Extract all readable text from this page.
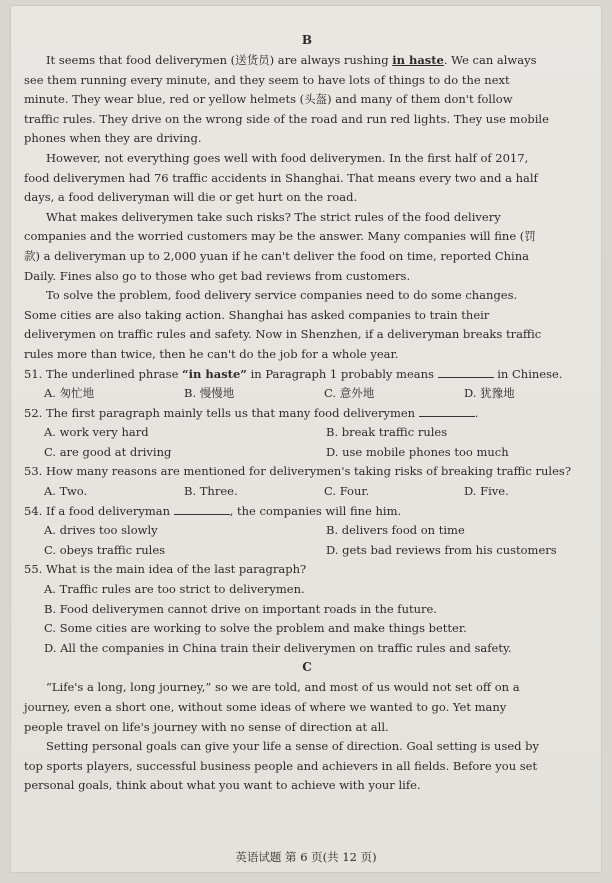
B
It seems that food deliverymen (送货员) are always rushing in haste. We can always
see them running every minute, and they seem to have lots of things to do the next
minute. They wear blue, red or yellow helmets (头盔) and many of them don't follow
traffic rules. They drive on the wrong side of the road and run red lights. They use mobile
phones when they are driving.
However, not everything goes well with food deliverymen. In the first half of 2017,
food deliverymen had 76 traffic accidents in Shanghai. That means every two and a half
days, a food deliveryman will die or get hurt on the road.
What makes deliverymen take such risks? The strict rules of the food delivery
companies and the worried customers may be the answer. Many companies will fine (罚
款) a deliveryman up to 2,000 yuan if he can't deliver the food on time, reported China
Daily. Fines also go to those who get bad reviews from customers.
To solve the problem, food delivery service companies need to do some changes.
Some cities are also taking action. Shanghai has asked companies to train their
deliverymen on traffic rules and safety. Now in Shenzhen, if a deliveryman breaks traffic
rules more than twice, then he can't do the job for a whole year.
51. The underlined phrase “in haste” in Paragraph 1 probably means	in Chinese.
A. 匆忙地	B. 慢慢地	C. 意外地	D. 犹豫地
52. The first paragraph mainly tells us that many food deliverymen	.
A. work very hard	B. break traffic rules
C. are good at driving	D. use mobile phones too much
53. How many reasons are mentioned for deliverymen's taking risks of breaking traffic rules?
A. Two.	B. Three.	C. Four.	D. Five.
54. If a food deliveryman	, the companies will fine him.
A. drives too slowly	B. delivers food on time
C. obeys traffic rules	D. gets bad reviews from his customers
55. What is the main idea of the last paragraph?
A. Traffic rules are too strict to deliverymen.
B. Food deliverymen cannot drive on important roads in the future.
C. Some cities are working to solve the problem and make things better.
D. All the companies in China train their deliverymen on traffic rules and safety.
C
“Life's a long, long journey,” so we are told, and most of us would not set off on a
journey, even a short one, without some ideas of where we wanted to go. Yet many
people travel on life's journey with no sense of direction at all.
Setting personal goals can give your life a sense of direction. Goal setting is used by
top sports players, successful business people and achievers in all fields. Before you set
personal goals, think about what you want to achieve with your life.
英语试题 第 6 页(共 12 页)
